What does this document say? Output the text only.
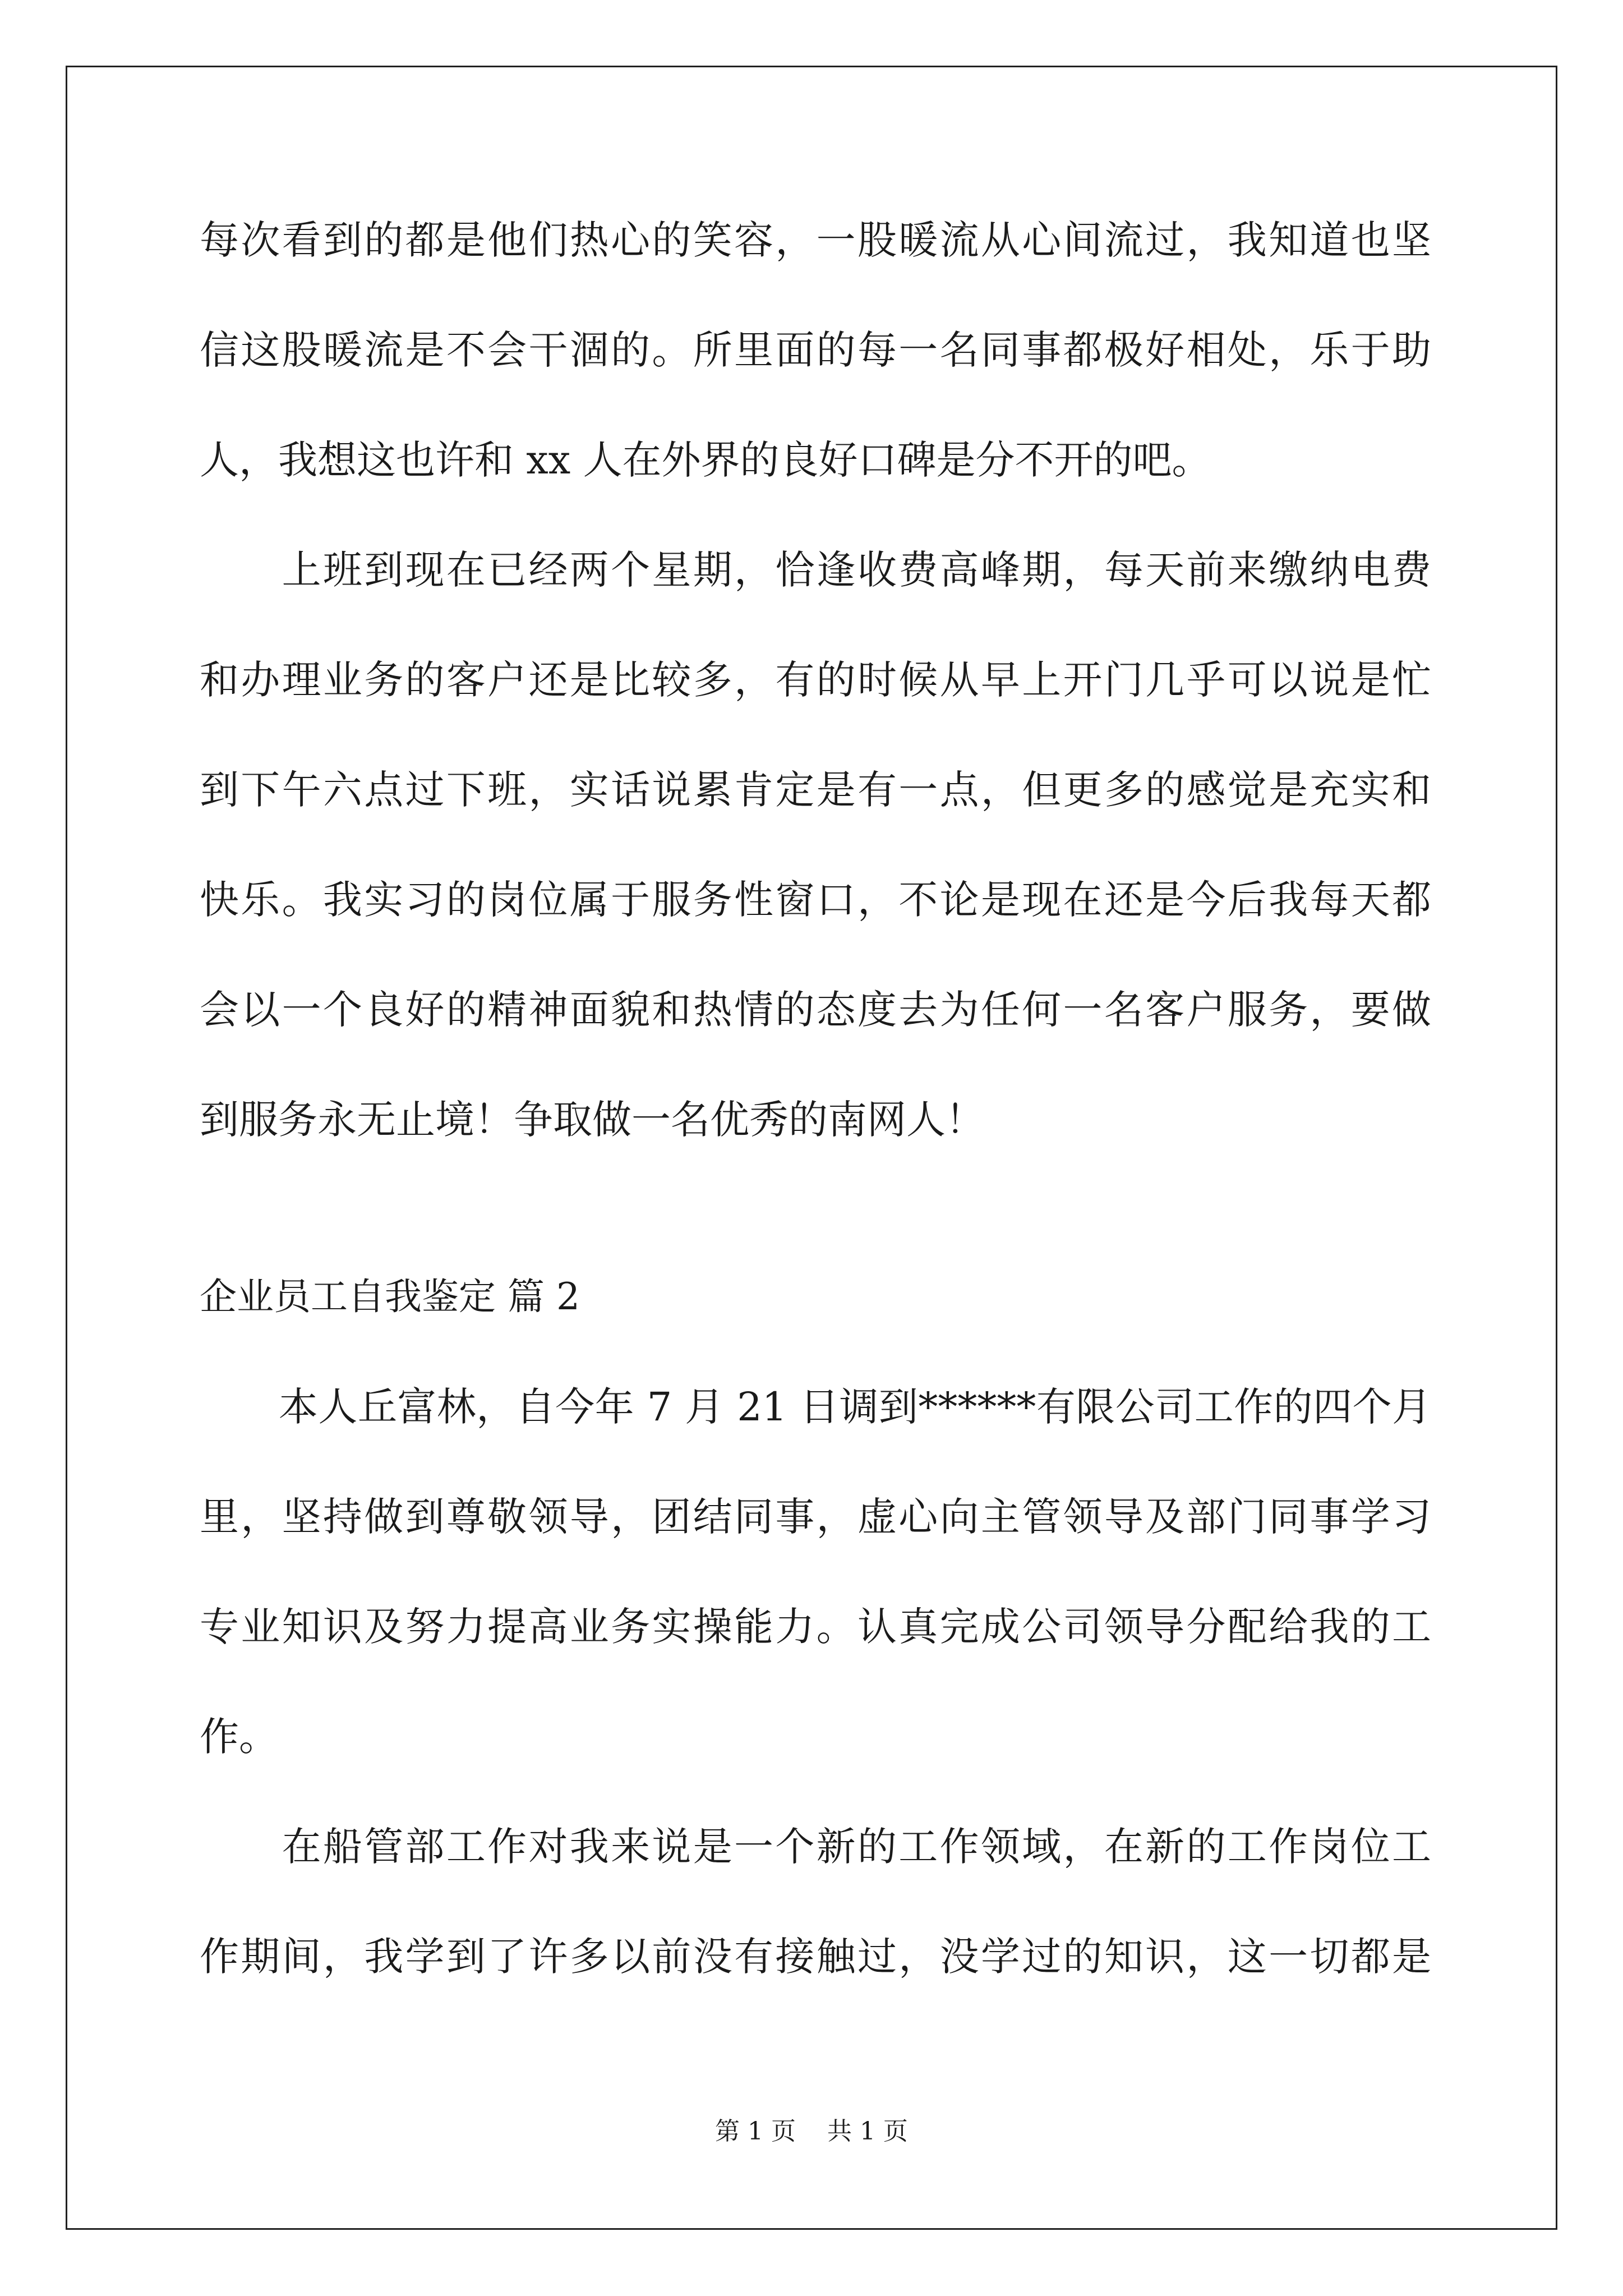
每次看到的都是他们热心的笑容，一股暖流从心间流过，我知道也坚
信这股暖流是不会干涸的。所里面的每一名同事都极好相处，乐于助
人，我想这也许和 xx 人在外界的良好口碑是分不开的吧。
　　上班到现在已经两个星期，恰逢收费高峰期，每天前来缴纳电费
和办理业务的客户还是比较多，有的时候从早上开门几乎可以说是忙
到下午六点过下班，实话说累肯定是有一点，但更多的感觉是充实和
快乐。我实习的岗位属于服务性窗口，不论是现在还是今后我每天都
会以一个良好的精神面貌和热情的态度去为任何一名客户服务，要做
到服务永无止境！争取做一名优秀的南网人！
企业员工自我鉴定 篇 2
　　本人丘富林，自今年 7 月 21 日调到******有限公司工作的四个月
里，坚持做到尊敬领导，团结同事，虚心向主管领导及部门同事学习
专业知识及努力提高业务实操能力。认真完成公司领导分配给我的工
作。
　　在船管部工作对我来说是一个新的工作领域，在新的工作岗位工
作期间，我学到了许多以前没有接触过，没学过的知识，这一切都是
第 1 页    共 1 页
